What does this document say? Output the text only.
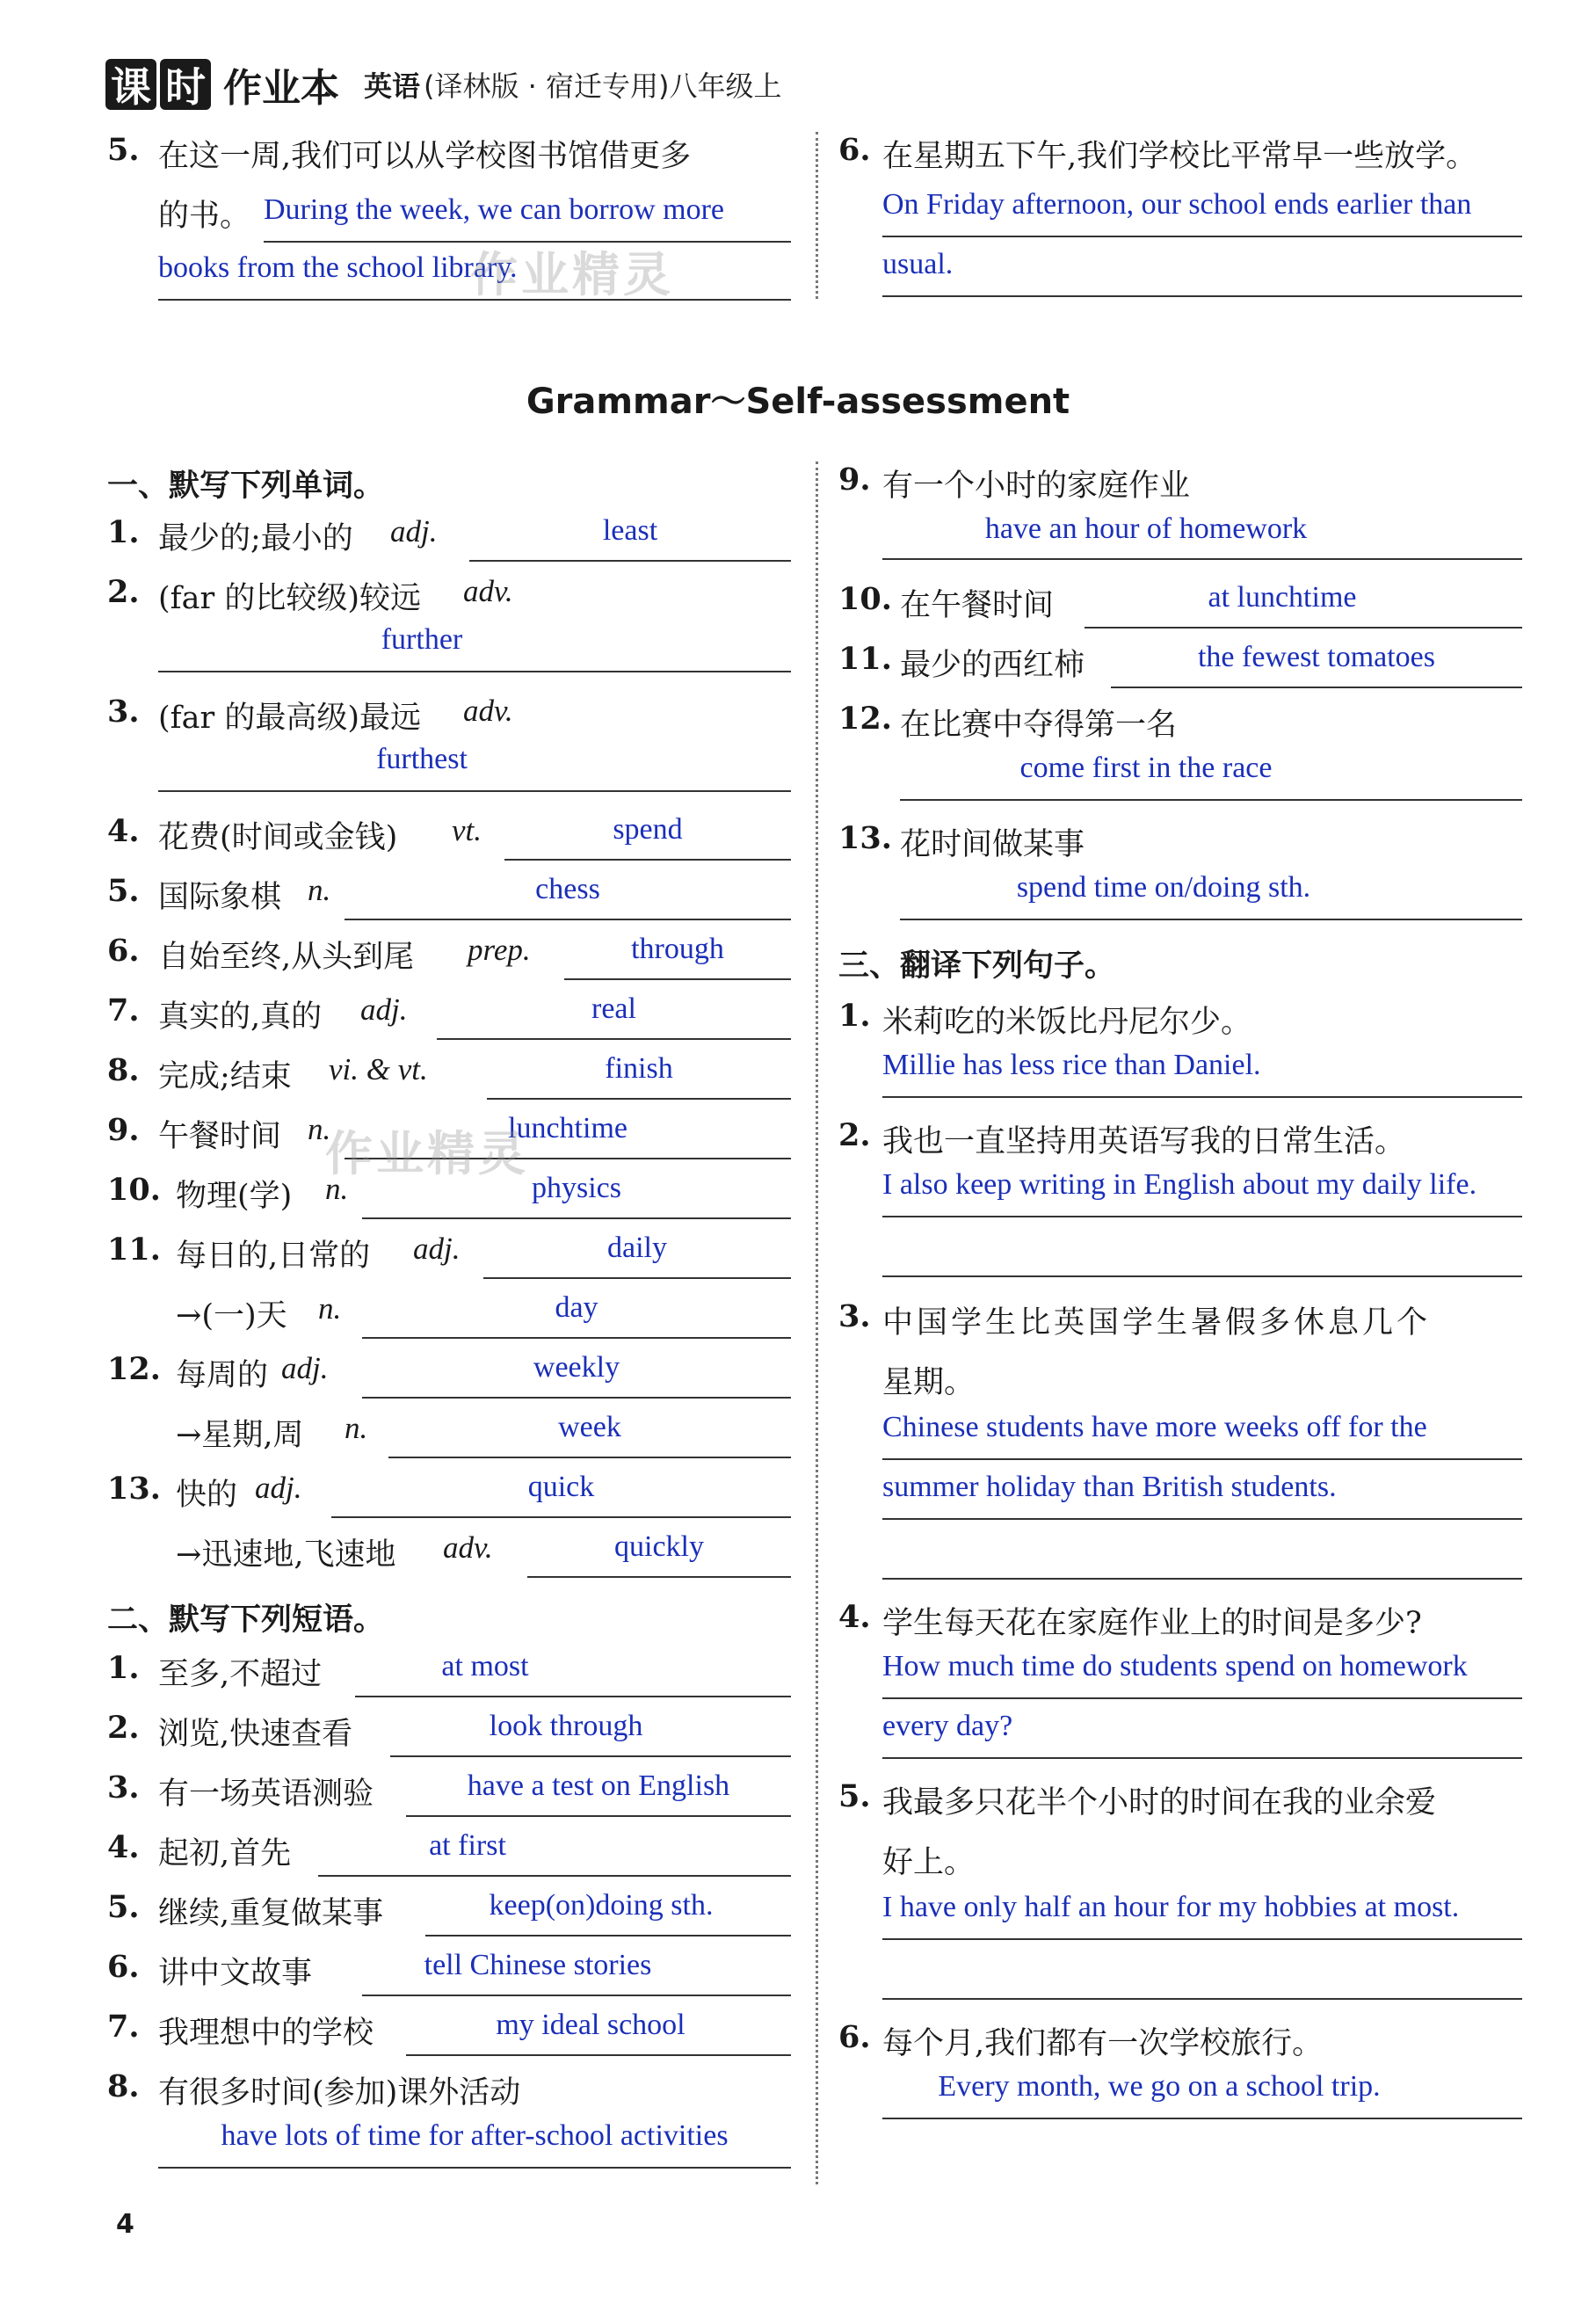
课 时 作业本 英语 (译林版 · 宿迁专用)八年级上
5. 在这一周,我们可以从学校图书馆借更多
的书。 During the week, we can borrow more
books from the school library.
6. 在星期五下午,我们学校比平常早一些放学。
On Friday afternoon, our school ends earlier than
usual.
作业精灵
Grammar～Self-assessment
一、默写下列单词。
1. 最少的;最小的 adj.	least
2. (far 的比较级)较远 adv.
further
3. (far 的最高级)最远 adv.
furthest
4. 花费(时间或金钱) vt.	spend
5. 国际象棋 n.	chess
6. 自始至终,从头到尾 prep.	through
7. 真实的,真的 adj.	real
8. 完成;结束 vi. & vt.	finish
9. 午餐时间 n.	lunchtime
10. 物理(学) n.	physics
11. 每日的,日常的 adj.	daily
→(一)天 n.	day
12. 每周的 adj.	weekly
→星期,周 n.	week
13. 快的 adj.	quick
→迅速地,飞速地 adv.	quickly
二、默写下列短语。
1. 至多,不超过	at most
2. 浏览,快速查看	look through
3. 有一场英语测验	have a test on English
4. 起初,首先	at first
5. 继续,重复做某事	keep(on)doing sth.
6. 讲中文故事	tell Chinese stories
7. 我理想中的学校	my ideal school
8. 有很多时间(参加)课外活动
have lots of time for after-school activities
9. 有一个小时的家庭作业
have an hour of homework
10. 在午餐时间	at lunchtime
11. 最少的西红柿	the fewest tomatoes
12. 在比赛中夺得第一名
come first in the race
13. 花时间做某事
spend time on/doing sth.
三、翻译下列句子。
1. 米莉吃的米饭比丹尼尔少。
Millie has less rice than Daniel.
2. 我也一直坚持用英语写我的日常生活。
I also keep writing in English about my daily life.
3. 中国学生比英国学生暑假多休息几个
星期。
Chinese students have more weeks off for the
summer holiday than British students.
4. 学生每天花在家庭作业上的时间是多少?
How much time do students spend on homework
every day?
5. 我最多只花半个小时的时间在我的业余爱
好上。
I have only half an hour for my hobbies at most.
6. 每个月,我们都有一次学校旅行。
Every month, we go on a school trip.
作业精灵
4
